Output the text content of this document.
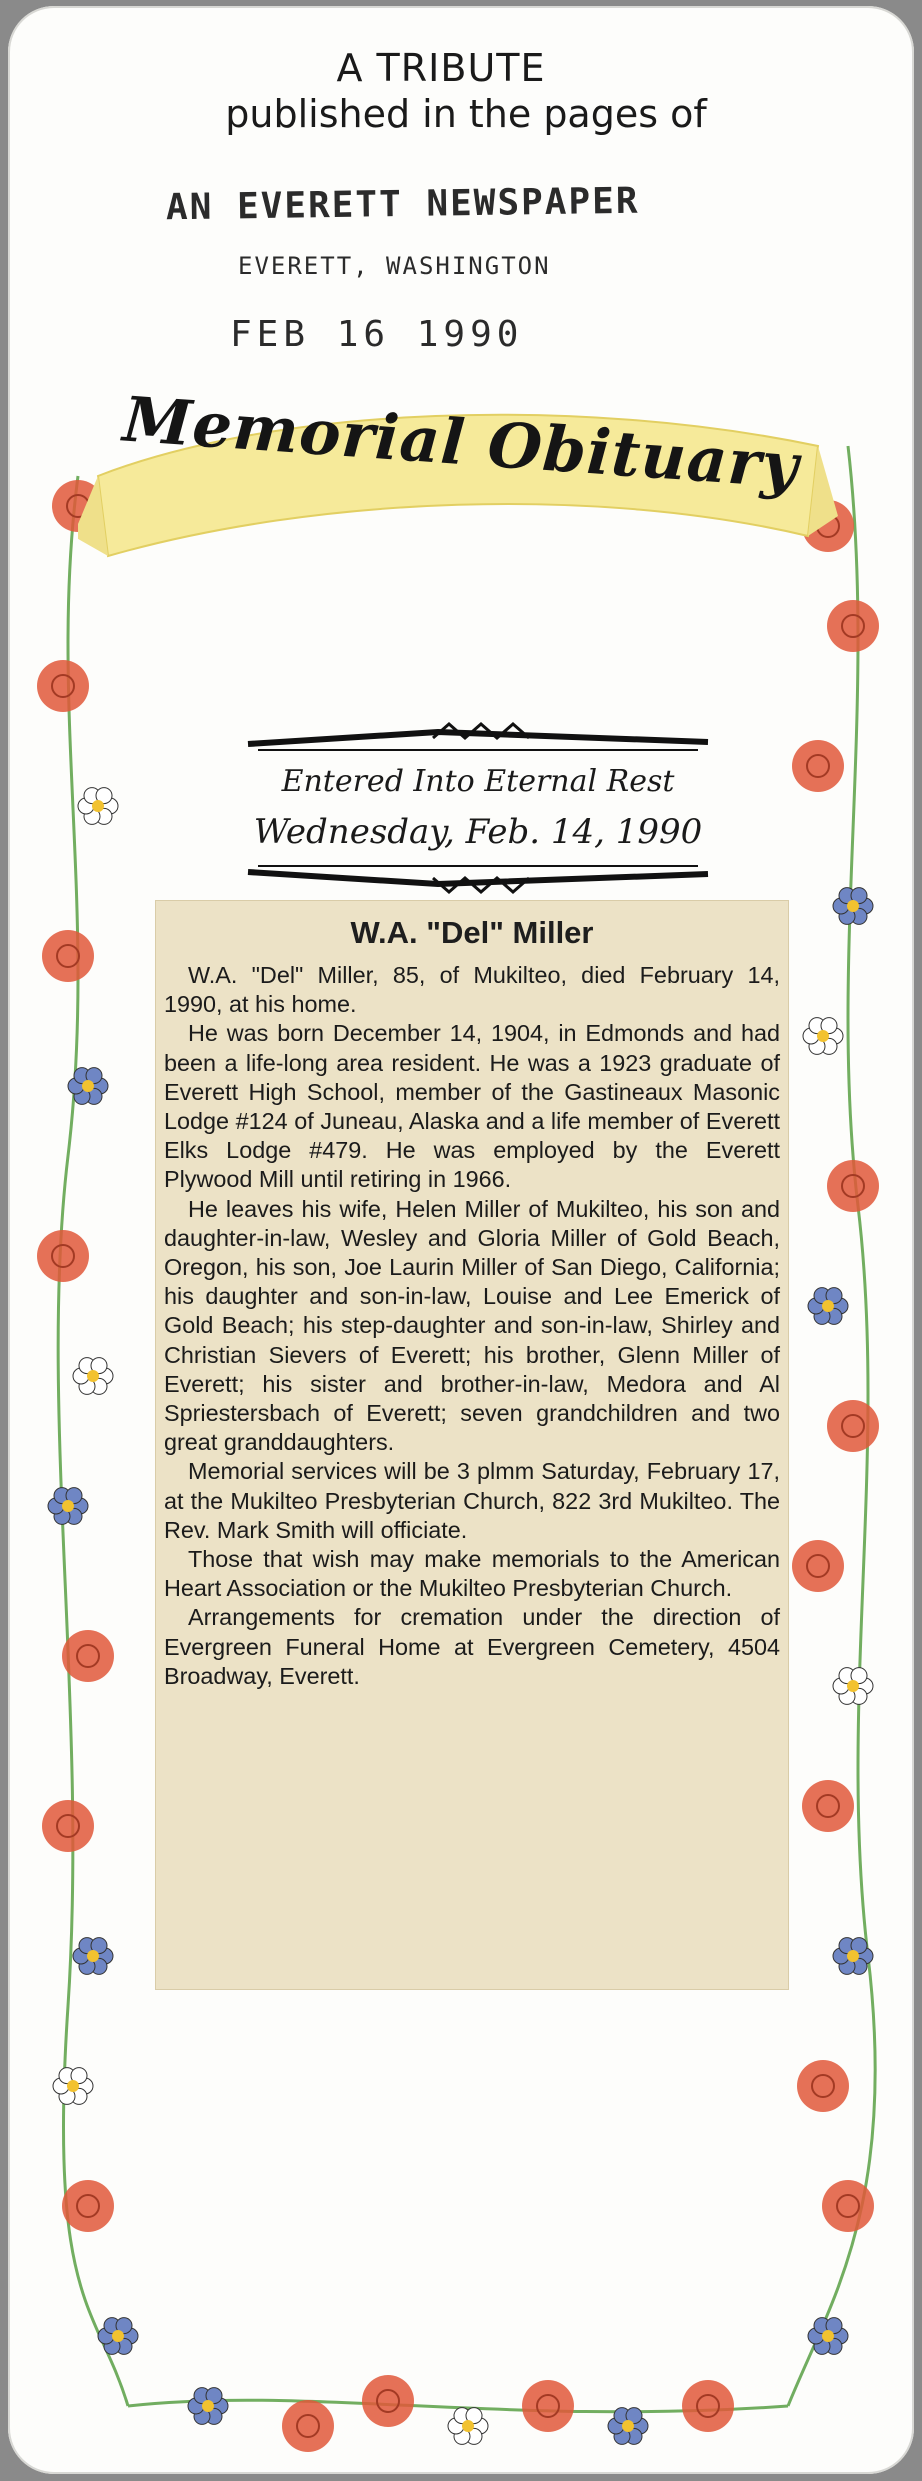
A TRIBUTE
published in the pages of
AN EVERETT NEWSPAPER
EVERETT, WASHINGTON
FEB 16 1990
Memorial Obituary
Entered Into Eternal Rest
Wednesday, Feb. 14, 1990
W.A. "Del" Miller

W.A. "Del" Miller, 85, of Mukilteo, died February 14, 1990, at his home.

He was born December 14, 1904, in Edmonds and had been a life-long area resident. He was a 1923 graduate of Everett High School, member of the Gastineaux Masonic Lodge #124 of Juneau, Alaska and a life member of Everett Elks Lodge #479. He was employed by the Everett Plywood Mill until retiring in 1966.

He leaves his wife, Helen Miller of Mukilteo, his son and daughter-in-law, Wesley and Gloria Miller of Gold Beach, Oregon, his son, Joe Laurin Miller of San Diego, California; his daughter and son-in-law, Louise and Lee Emerick of Gold Beach; his step-daughter and son-in-law, Shirley and Christian Sievers of Everett; his brother, Glenn Miller of Everett; his sister and brother-in-law, Medora and Al Spriestersbach of Everett; seven grandchildren and two great granddaughters.

Memorial services will be 3 plmm Saturday, February 17, at the Mukilteo Presbyterian Church, 822 3rd Mukilteo. The Rev. Mark Smith will officiate.

Those that wish may make memorials to the American Heart Association or the Mukilteo Presbyterian Church.

Arrangements for cremation under the direction of Evergreen Funeral Home at Evergreen Cemetery, 4504 Broadway, Everett.
